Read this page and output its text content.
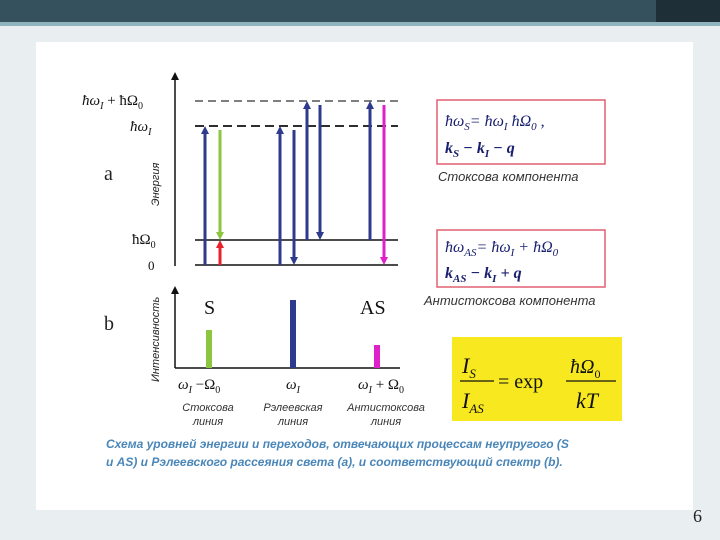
a
b
Энергия
Интенсивность
$ħ\omega_I$ + $ħ\Omega_0$
$ħ\omega_I$
$ħ\Omega_0$
0
S	AS
$\omega_I -\Omega_0$	$\omega_I$	$\omega_I + \Omega_0$
Стоксова
линия
Рэлеевская
линия
Антистоксова
линия
$ħ\omega_S=$ $ħ\omega_I$ $ħ\Omega_0$ ,
$k_S - k_I - q$
Стоксова компонента
$ħ\omega_{AS}=$ $ħ\omega_I$ + $ħ\Omega_0$
$k_{AS} - k_I + q$
Антистоксова компонента
$I_S$
$I_{AS}$
= exp
$ħ\Omega_0$
kT
Схема уровней энергии и переходов, отвечающих процессам неупругого (S
и AS) и Рэлеевского рассеяния света (a), и соответствующий спектр (b).
6
